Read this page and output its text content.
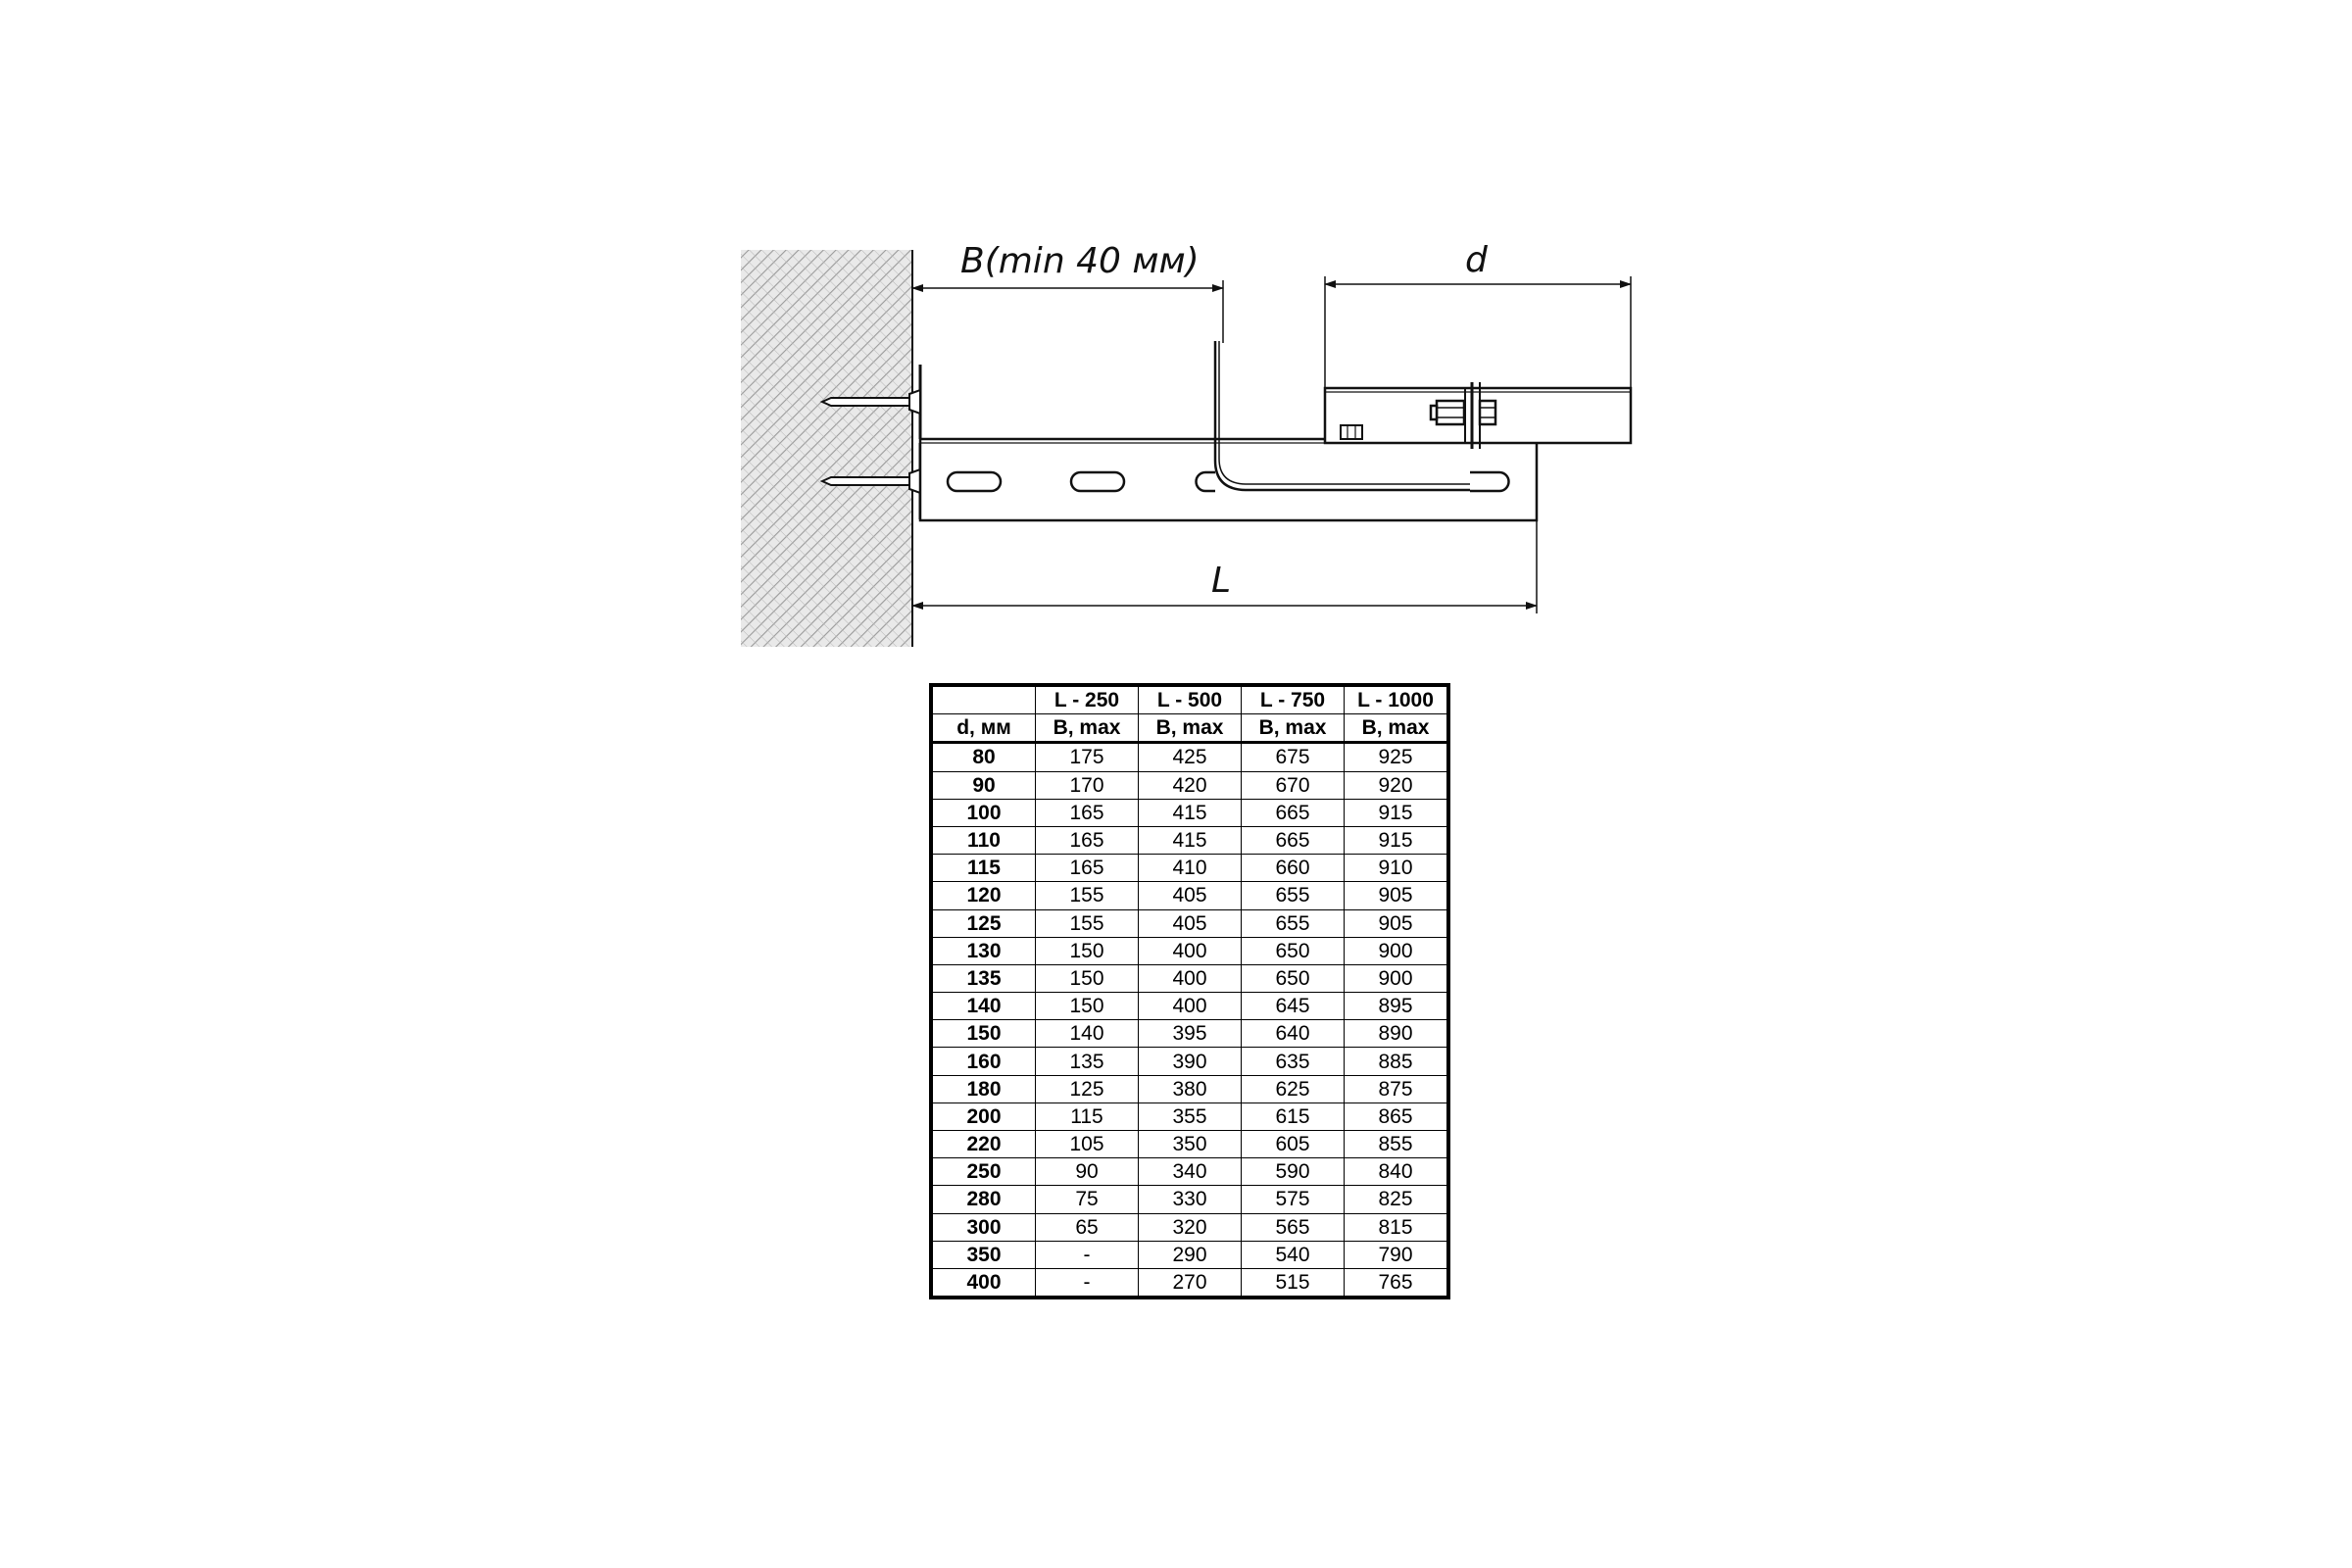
B(min 40 мм)	d
L
	L - 250	L - 500	L - 750	L - 1000
d, мм	B, max	B, max	B, max	B, max
80	175	425	675	925
90	170	420	670	920
100	165	415	665	915
110	165	415	665	915
115	165	410	660	910
120	155	405	655	905
125	155	405	655	905
130	150	400	650	900
135	150	400	650	900
140	150	400	645	895
150	140	395	640	890
160	135	390	635	885
180	125	380	625	875
200	115	355	615	865
220	105	350	605	855
250	90	340	590	840
280	75	330	575	825
300	65	320	565	815
350	-	290	540	790
400	-	270	515	765
